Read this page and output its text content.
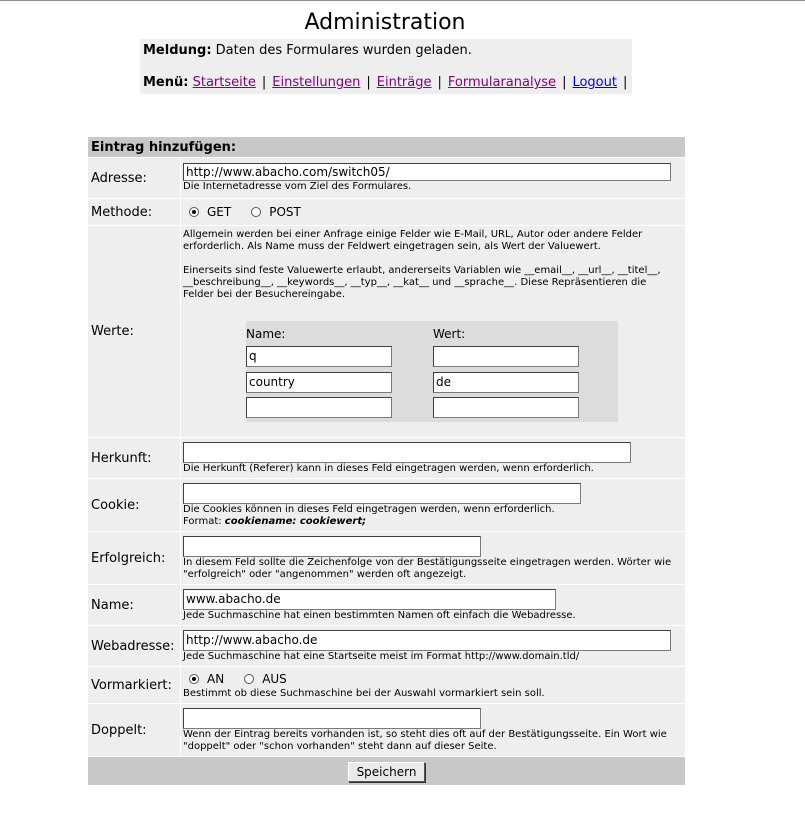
Administration
Meldung: Daten des Formulares wurden geladen.
Menü: Startseite | Einstellungen | Einträge | Formularanalyse | Logout |
Eintrag hinzufügen:
Adresse:	http://www.abacho.com/switch05/
Die Internetadresse vom Ziel des Formulares.

Methode:	GET	POST

Werte:	
Allgemein werden bei einer Anfrage einige Felder wie E-Mail, URL, Autor oder andere Felder erforderlich. Als Name muss der Feldwert eingetragen sein, als Wert der Valuewert.
Einerseits sind feste Valuewerte erlaubt, andererseits Variablen wie __email__, __url__, __titel__, __beschreibung__, __keywords__, __typ__, __kat__ und __sprache__. Diese Repräsentieren die Felder bei der Besuchereingabe.
Name:	Wert:
q	
country	de

Herkunft:	
Die Herkunft (Referer) kann in dieses Feld eingetragen werden, wenn erforderlich.

Cookie:	Die Cookies können in dieses Feld eingetragen werden, wenn erforderlich.
Format: cookiename: cookiewert;

Erfolgreich:	In diesem Feld sollte die Zeichenfolge von der Bestätigungsseite eingetragen werden. Wörter wie "erfolgreich" oder "angenommen" werden oft angezeigt.

Name:	www.abacho.de
Jede Suchmaschine hat einen bestimmten Namen oft einfach die Webadresse.

Webadresse:	http://www.abacho.de
Jede Suchmaschine hat eine Startseite meist im Format http://www.domain.tld/

Vormarkiert:	AN	AUS
Bestimmt ob diese Suchmaschine bei der Auswahl vormarkiert sein soll.

Doppelt:	Wenn der Eintrag bereits vorhanden ist, so steht dies oft auf der Bestätigungsseite. Ein Wort wie "doppelt" oder "schon vorhanden" steht dann auf dieser Seite.

Speichern
